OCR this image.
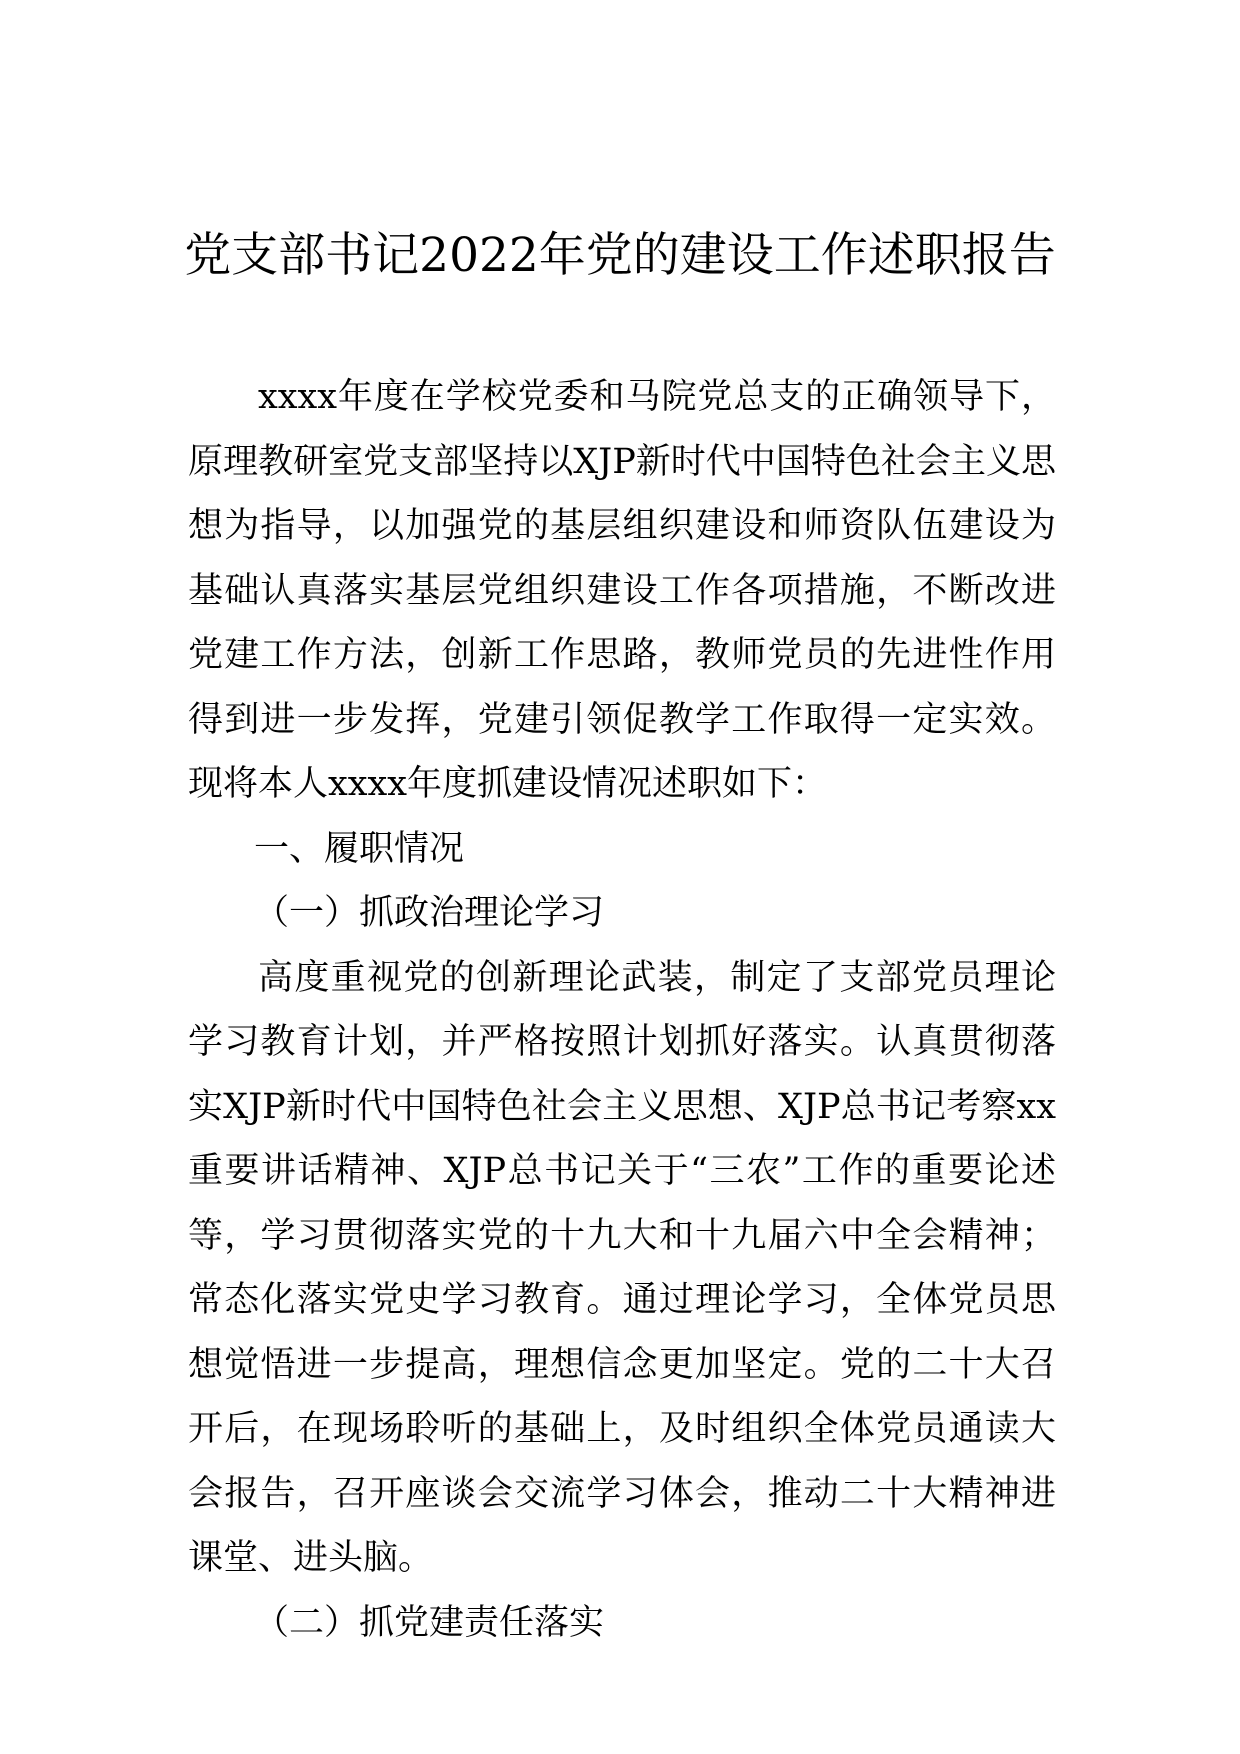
党支部书记2022年党的建设工作述职报告

xxxx年度在学校党委和马院党总支的正确领导下，原理教研室党支部坚持以XJP新时代中国特色社会主义思想为指导，以加强党的基层组织建设和师资队伍建设为基础认真落实基层党组织建设工作各项措施，不断改进党建工作方法，创新工作思路，教师党员的先进性作用得到进一步发挥，党建引领促教学工作取得一定实效。现将本人xxxx年度抓建设情况述职如下：

一、履职情况

（一）抓政治理论学习

高度重视党的创新理论武装，制定了支部党员理论学习教育计划，并严格按照计划抓好落实。认真贯彻落实XJP新时代中国特色社会主义思想、XJP总书记考察xx重要讲话精神、XJP总书记关于“三农”工作的重要论述等，学习贯彻落实党的十九大和十九届六中全会精神；常态化落实党史学习教育。通过理论学习，全体党员思想觉悟进一步提高，理想信念更加坚定。党的二十大召开后，在现场聆听的基础上，及时组织全体党员通读大会报告，召开座谈会交流学习体会，推动二十大精神进课堂、进头脑。

（二）抓党建责任落实
